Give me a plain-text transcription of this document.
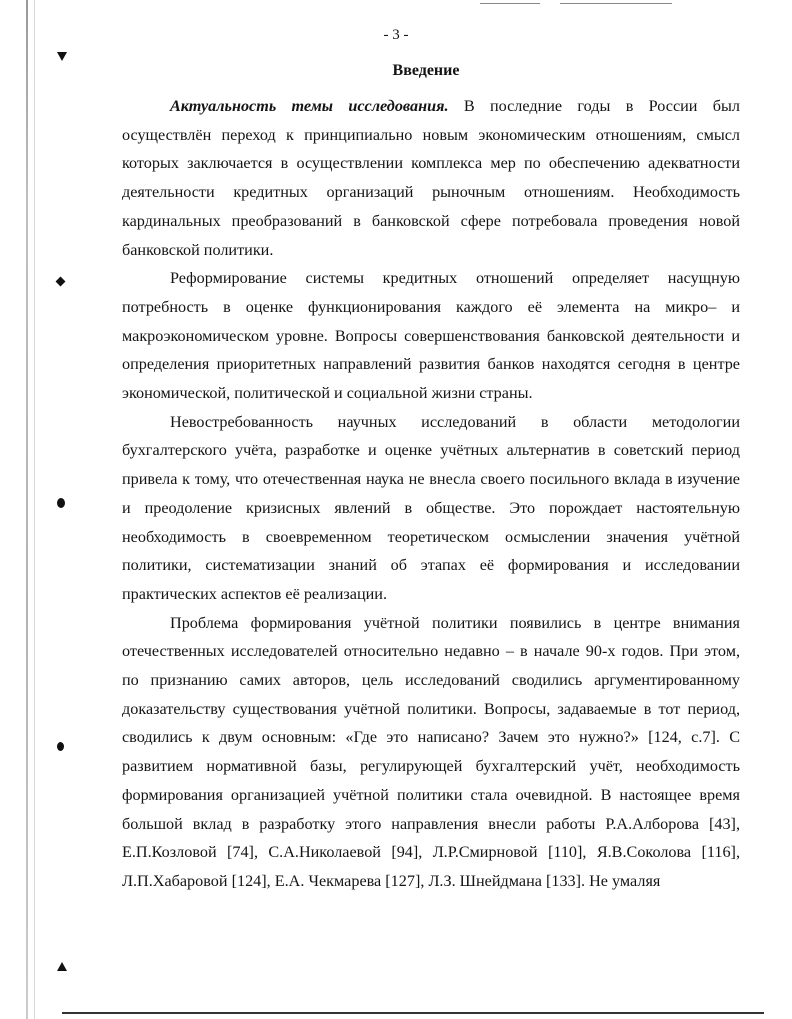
- 3 -
Введение

Актуальность темы исследования. В последние годы в России был осуществлён переход к принципиально новым экономическим отношениям, смысл которых заключается в осуществлении комплекса мер по обеспечению адекватности деятельности кредитных организаций рыночным отношениям. Необходимость кардинальных преобразований в банковской сфере потребовала проведения новой банковской политики.

Реформирование системы кредитных отношений определяет насущную потребность в оценке функционирования каждого её элемента на микро– и макроэкономическом уровне. Вопросы совершенствования банковской деятельности и определения приоритетных направлений развития банков находятся сегодня в центре экономической, политической и социальной жизни страны.

Невостребованность научных исследований в области методологии бухгалтерского учёта, разработке и оценке учётных альтернатив в советский период привела к тому, что отечественная наука не внесла своего посильного вклада в изучение и преодоление кризисных явлений в обществе. Это порождает настоятельную необходимость в своевременном теоретическом осмыслении значения учётной политики, систематизации знаний об этапах её формирования и исследовании практических аспектов её реализации.

Проблема формирования учётной политики появились в центре внимания отечественных исследователей относительно недавно – в начале 90-х годов. При этом, по признанию самих авторов, цель исследований сводились аргументированному доказательству существования учётной политики. Вопросы, задаваемые в тот период, сводились к двум основным: «Где это написано? Зачем это нужно?» [124, с.7]. С развитием нормативной базы, регулирующей бухгалтерский учёт, необходимость формирования организацией учётной политики стала очевидной. В настоящее время большой вклад в разработку этого направления внесли работы Р.А.Алборова [43], Е.П.Козловой [74], С.А.Николаевой [94], Л.Р.Смирновой [110], Я.В.Соколова [116], Л.П.Хабаровой [124], Е.А. Чекмарева [127], Л.З. Шнейдмана [133]. Не умаляя
